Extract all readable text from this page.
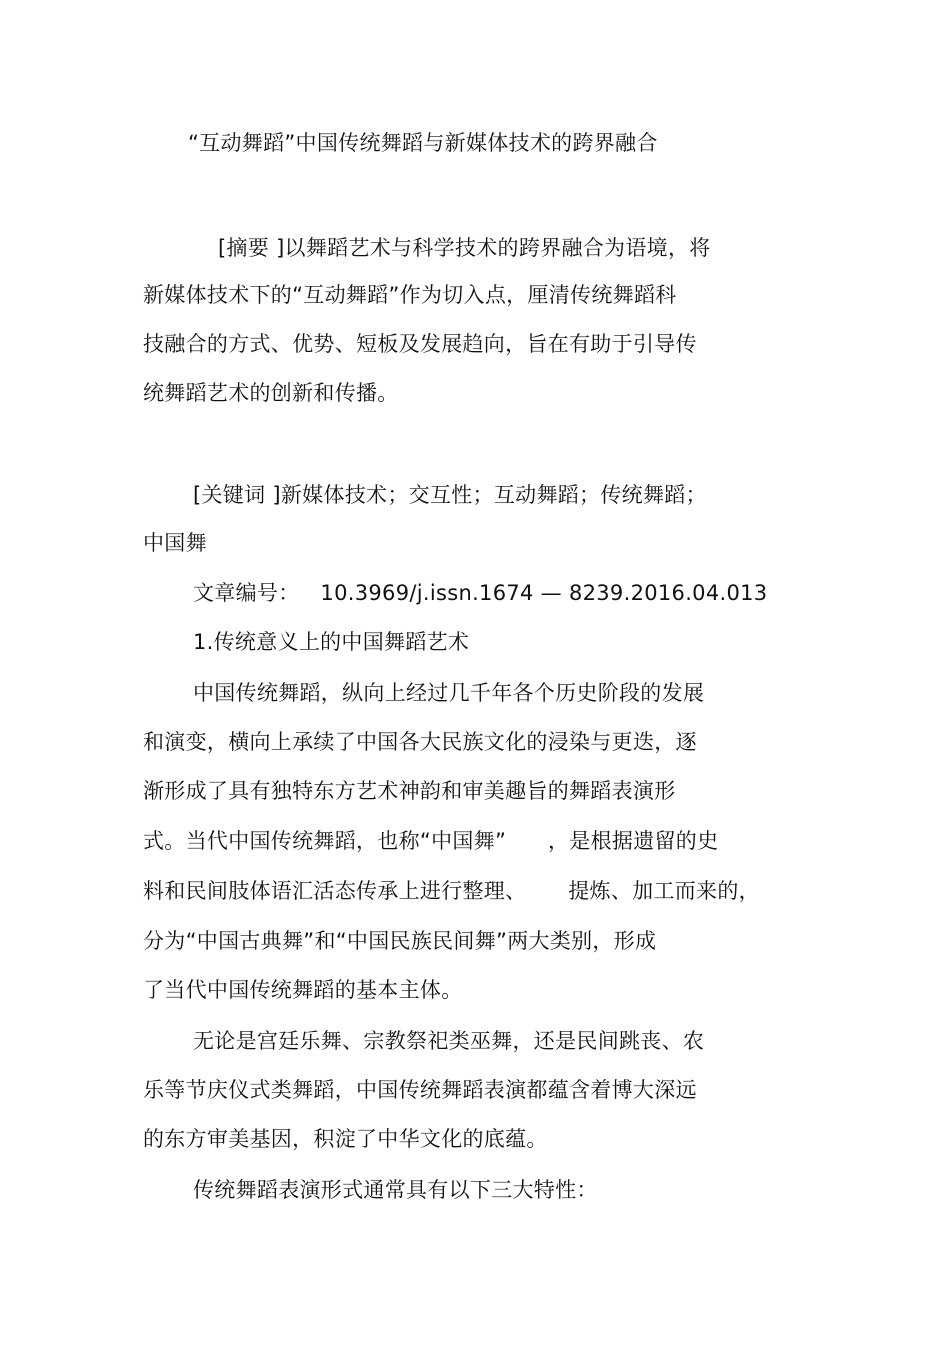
“互动舞蹈”中国传统舞蹈与新媒体技术的跨界融合
[摘要 ]以舞蹈艺术与科学技术的跨界融合为语境，将
新媒体技术下的“互动舞蹈”作为切入点，厘清传统舞蹈科
技融合的方式、优势、短板及发展趋向，旨在有助于引导传
统舞蹈艺术的创新和传播。
[关键词 ]新媒体技术；交互性；互动舞蹈；传统舞蹈；
中国舞
文章编号：   10.3969/j.issn.1674 — 8239.2016.04.013
1.传统意义上的中国舞蹈艺术
中国传统舞蹈，纵向上经过几千年各个历史阶段的发展
和演变，横向上承续了中国各大民族文化的浸染与更迭，逐
渐形成了具有独特东方艺术神韵和审美趣旨的舞蹈表演形
式。当代中国传统舞蹈，也称“中国舞”      ，是根据遗留的史
料和民间肢体语汇活态传承上进行整理、      提炼、加工而来的，
分为“中国古典舞”和“中国民族民间舞”两大类别，形成
了当代中国传统舞蹈的基本主体。
无论是宫廷乐舞、宗教祭祀类巫舞，还是民间跳丧、农
乐等节庆仪式类舞蹈，中国传统舞蹈表演都蕴含着博大深远
的东方审美基因，积淀了中华文化的底蕴。
传统舞蹈表演形式通常具有以下三大特性：
